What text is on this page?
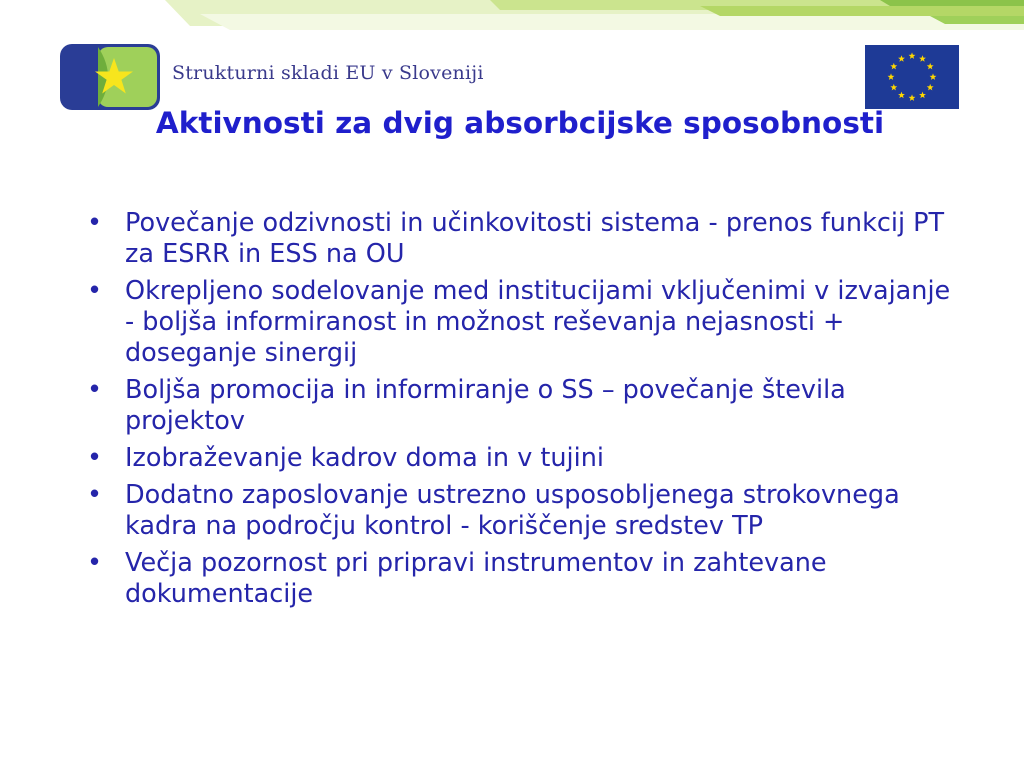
Strukturni skladi EU v Sloveniji
Aktivnosti za dvig absorbcijske sposobnosti
• Povečanje odzivnosti in učinkovitosti sistema - prenos funkcij PT za ESRR in ESS na OU
• Okrepljeno sodelovanje med institucijami vključenimi v izvajanje - boljša informiranost in možnost reševanja nejasnosti + doseganje sinergij
• Boljša promocija in informiranje o SS – povečanje števila projektov
• Izobraževanje kadrov doma in v tujini
• Dodatno zaposlovanje ustrezno usposobljenega strokovnega kadra na področju kontrol - koriščenje sredstev TP
• Večja pozornost pri pripravi instrumentov in zahtevane dokumentacije
